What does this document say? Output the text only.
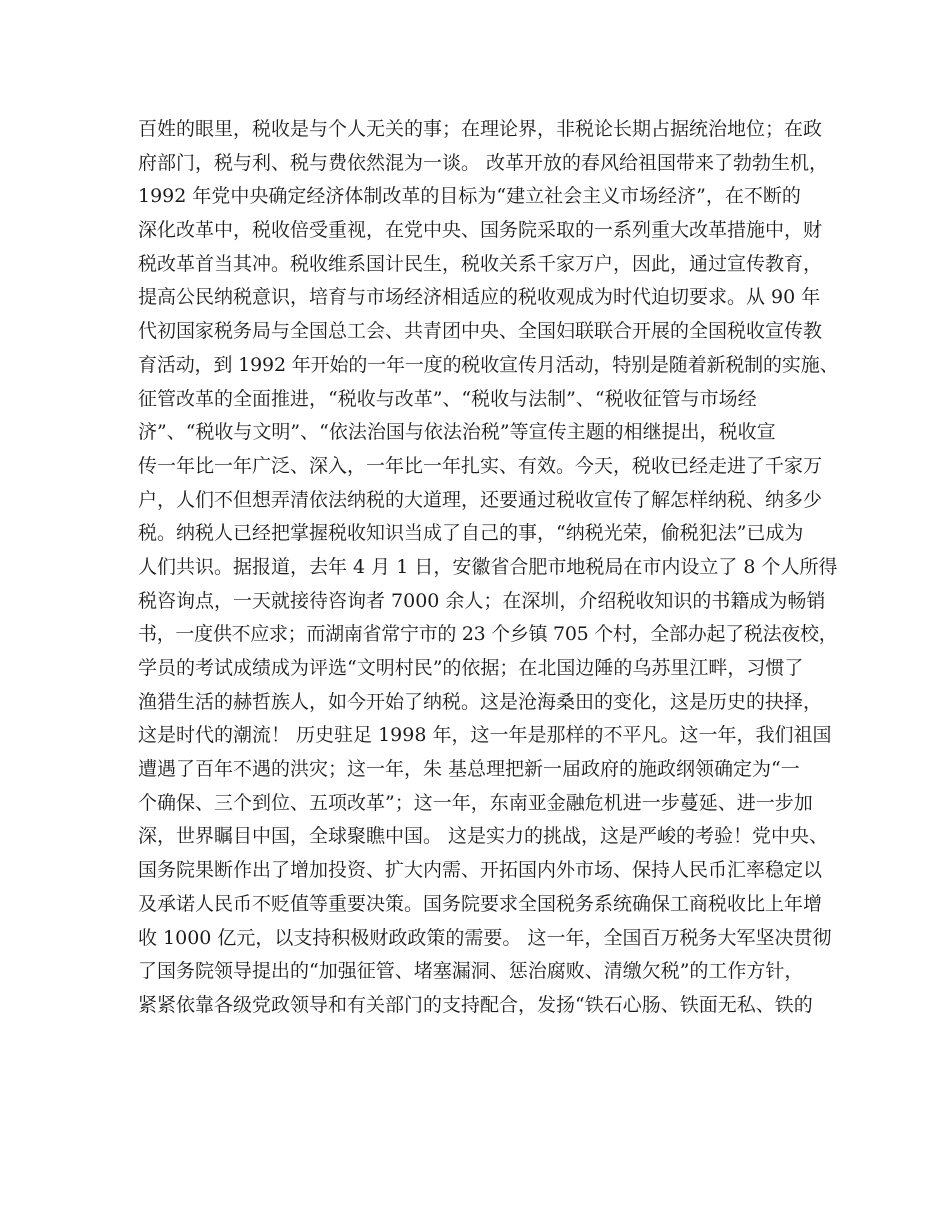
百姓的眼里，税收是与个人无关的事；在理论界，非税论长期占据统治地位；在政
府部门，税与利、税与费依然混为一谈。 改革开放的春风给祖国带来了勃勃生机，
1992 年党中央确定经济体制改革的目标为“建立社会主义市场经济”，在不断的
深化改革中，税收倍受重视，在党中央、国务院采取的一系列重大改革措施中，财
税改革首当其冲。税收维系国计民生，税收关系千家万户，因此，通过宣传教育，
提高公民纳税意识，培育与市场经济相适应的税收观成为时代迫切要求。从 90 年
代初国家税务局与全国总工会、共青团中央、全国妇联联合开展的全国税收宣传教
育活动，到 1992 年开始的一年一度的税收宣传月活动，特别是随着新税制的实施、
征管改革的全面推进，“税收与改革”、“税收与法制”、“税收征管与市场经
济”、“税收与文明”、“依法治国与依法治税”等宣传主题的相继提出，税收宣
传一年比一年广泛、深入，一年比一年扎实、有效。今天，税收已经走进了千家万
户，人们不但想弄清依法纳税的大道理，还要通过税收宣传了解怎样纳税、纳多少
税。纳税人已经把掌握税收知识当成了自己的事，“纳税光荣，偷税犯法”已成为
人们共识。据报道，去年 4 月 1 日，安徽省合肥市地税局在市内设立了 8 个人所得
税咨询点，一天就接待咨询者 7000 余人；在深圳，介绍税收知识的书籍成为畅销
书，一度供不应求；而湖南省常宁市的 23 个乡镇 705 个村，全部办起了税法夜校，
学员的考试成绩成为评选“文明村民”的依据；在北国边陲的乌苏里江畔，习惯了
渔猎生活的赫哲族人，如今开始了纳税。这是沧海桑田的变化，这是历史的抉择，
这是时代的潮流！ 历史驻足 1998 年，这一年是那样的不平凡。这一年，我们祖国
遭遇了百年不遇的洪灾；这一年，朱 基总理把新一届政府的施政纲领确定为“一
个确保、三个到位、五项改革”；这一年，东南亚金融危机进一步蔓延、进一步加
深，世界瞩目中国，全球聚瞧中国。 这是实力的挑战，这是严峻的考验！党中央、
国务院果断作出了增加投资、扩大内需、开拓国内外市场、保持人民币汇率稳定以
及承诺人民币不贬值等重要决策。国务院要求全国税务系统确保工商税收比上年增
收 1000 亿元，以支持积极财政政策的需要。 这一年，全国百万税务大军坚决贯彻
了国务院领导提出的“加强征管、堵塞漏洞、惩治腐败、清缴欠税”的工作方针，
紧紧依靠各级党政领导和有关部门的支持配合，发扬“铁石心肠、铁面无私、铁的
